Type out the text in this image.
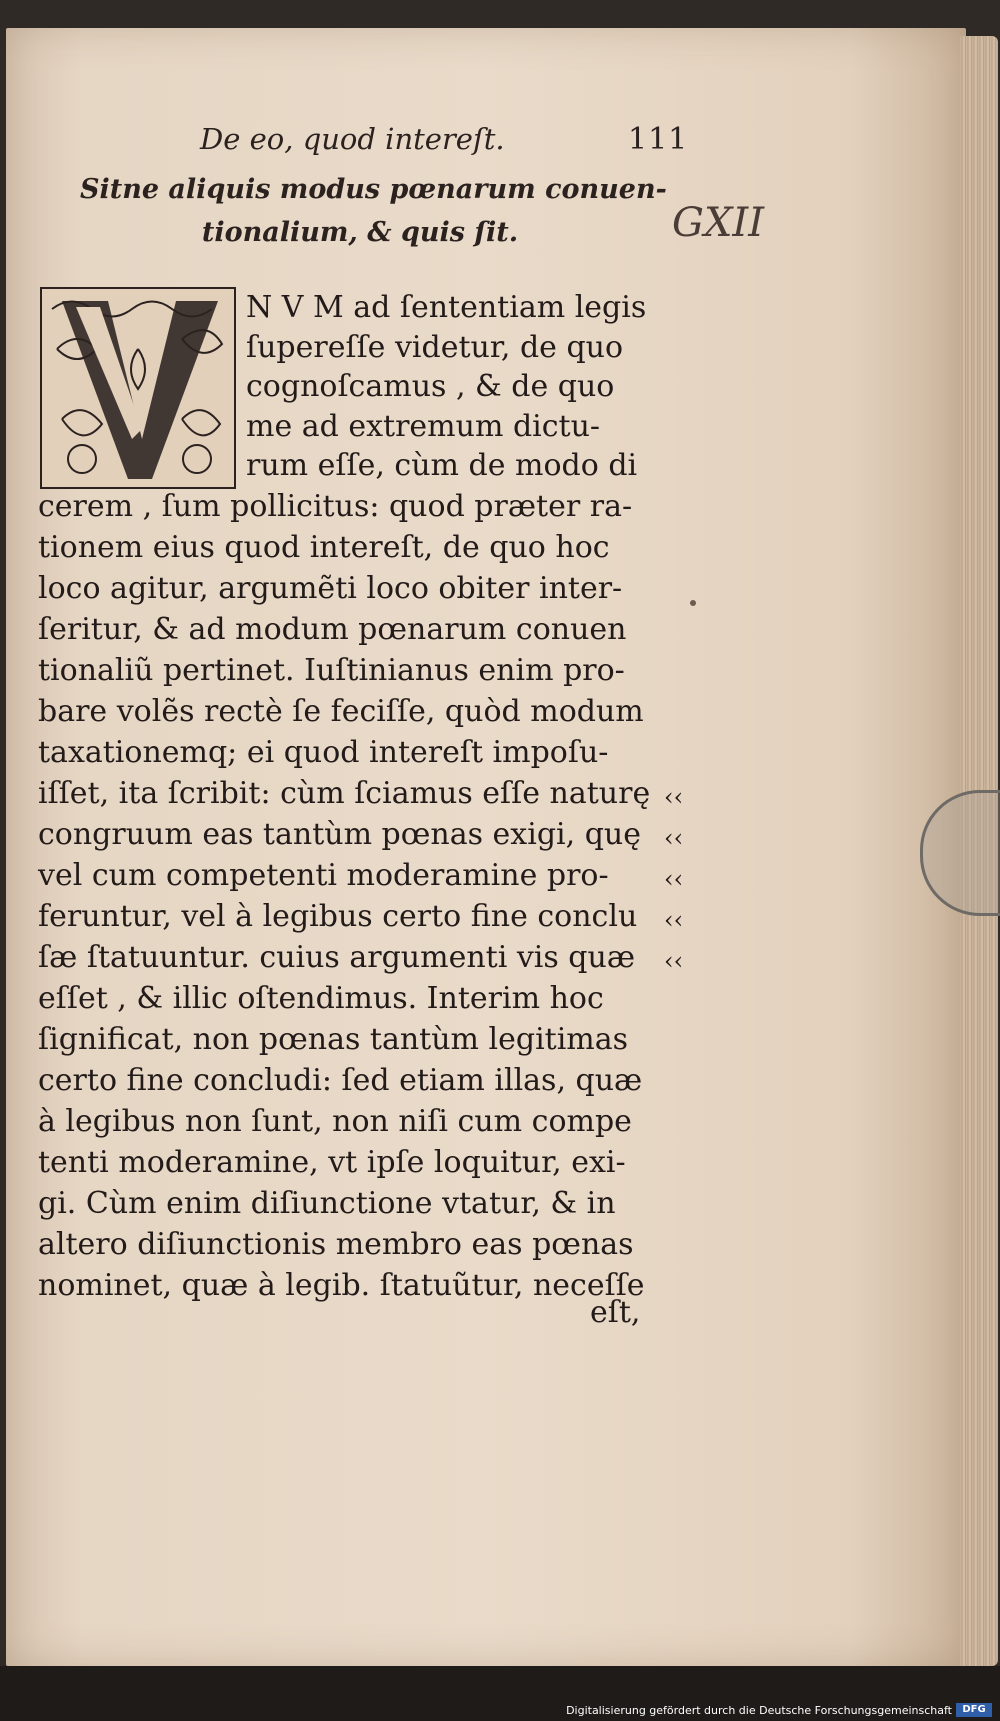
De eo, quod intereſt.	111
Sitne aliquis modus pœnarum conuen-
tionalium, & quis ſit.	GXII
V
N V M ad ſententiam legis
ſupereſſe videtur, de quo
cognoſcamus , & de quo
me ad extremum dictu-
rum eſſe, cùm de modo di
cerem , ſum pollicitus: quod præter ra-
tionem eius quod intereſt, de quo hoc
loco agitur, argumẽti loco obiter inter-
ſeritur, & ad modum pœnarum conuen
tionaliũ pertinet. Iuſtinianus enim pro-
bare volẽs rectè ſe feciſſe, quòd modum
taxationemq; ei quod intereſt impoſu-
iſſet, ita ſcribit: cùm ſciamus eſſe naturę
congruum eas tantùm pœnas exigi, quę
vel cum competenti moderamine pro-
feruntur, vel à legibus certo fine conclu
ſæ ſtatuuntur. cuius argumenti vis quæ
eſſet , & illic oſtendimus. Interim hoc
ſignificat, non pœnas tantùm legitimas
certo fine concludi: ſed etiam illas, quæ
à legibus non ſunt, non niſi cum compe
tenti moderamine, vt ipſe loquitur, exi-
gi. Cùm enim diſiunctione vtatur, & in
altero diſiunctionis membro eas pœnas
nominet, quæ à legib. ſtatuũtur, neceſſe
‹‹
‹‹
‹‹
‹‹
‹‹
eſt,
Digitalisierung gefördert durch die Deutsche Forschungsgemeinschaft	DFG
